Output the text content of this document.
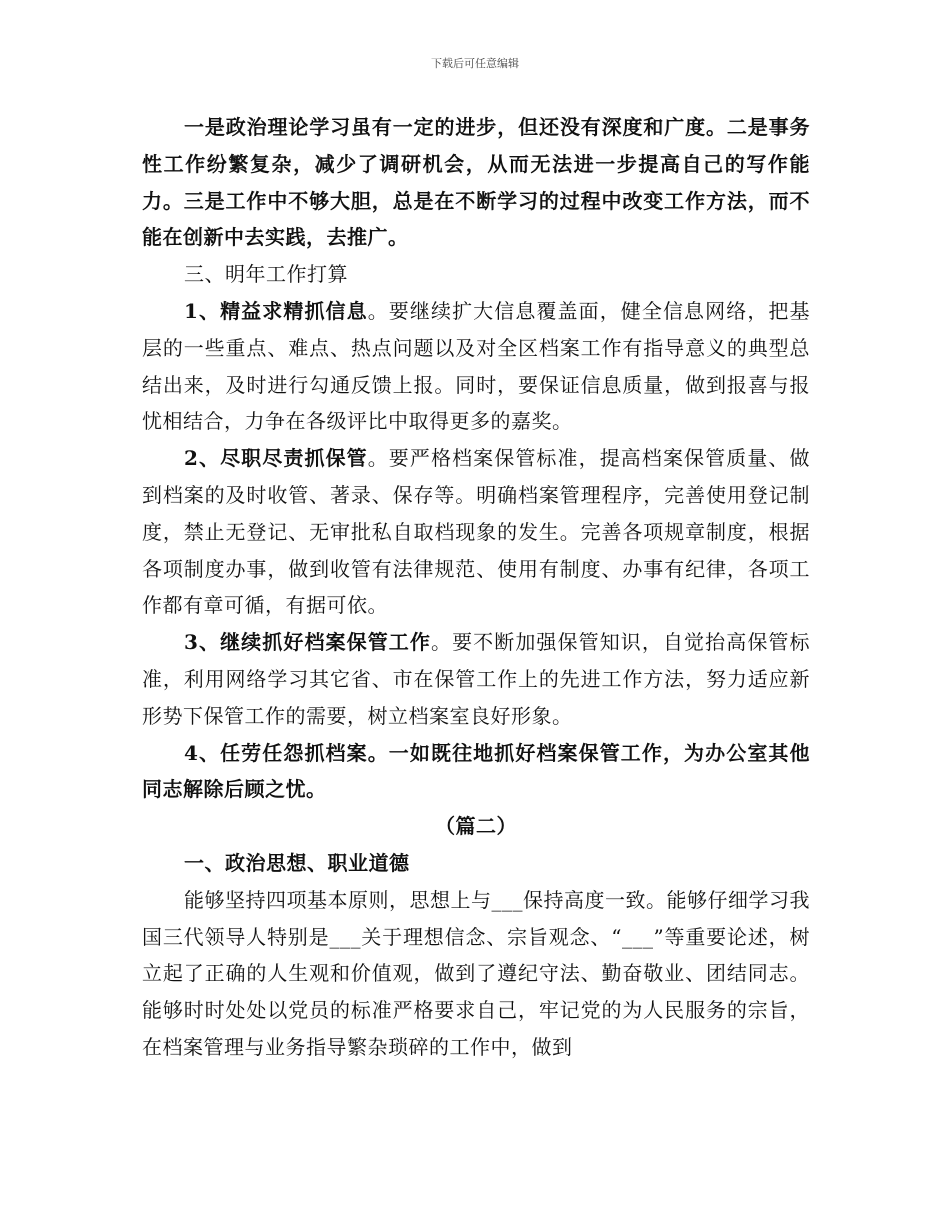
下载后可任意编辑

一是政治理论学习虽有一定的进步，但还没有深度和广度。二是事务性工作纷繁复杂，减少了调研机会，从而无法进一步提高自己的写作能力。三是工作中不够大胆，总是在不断学习的过程中改变工作方法，而不能在创新中去实践，去推广。

三、明年工作打算

1、精益求精抓信息。要继续扩大信息覆盖面，健全信息网络，把基层的一些重点、难点、热点问题以及对全区档案工作有指导意义的典型总结出来，及时进行勾通反馈上报。同时，要保证信息质量，做到报喜与报忧相结合，力争在各级评比中取得更多的嘉奖。

2、尽职尽责抓保管。要严格档案保管标准，提高档案保管质量、做到档案的及时收管、著录、保存等。明确档案管理程序，完善使用登记制度，禁止无登记、无审批私自取档现象的发生。完善各项规章制度，根据各项制度办事，做到收管有法律规范、使用有制度、办事有纪律，各项工作都有章可循，有据可依。

3、继续抓好档案保管工作。要不断加强保管知识，自觉抬高保管标准，利用网络学习其它省、市在保管工作上的先进工作方法，努力适应新形势下保管工作的需要，树立档案室良好形象。

4、任劳任怨抓档案。一如既往地抓好档案保管工作，为办公室其他同志解除后顾之忧。

（篇二）

一、政治思想、职业道德

能够坚持四项基本原则，思想上与___保持高度一致。能够仔细学习我国三代领导人特别是___关于理想信念、宗旨观念、“___”等重要论述，树立起了正确的人生观和价值观，做到了遵纪守法、勤奋敬业、团结同志。能够时时处处以党员的标准严格要求自己，牢记党的为人民服务的宗旨，在档案管理与业务指导繁杂琐碎的工作中，做到
